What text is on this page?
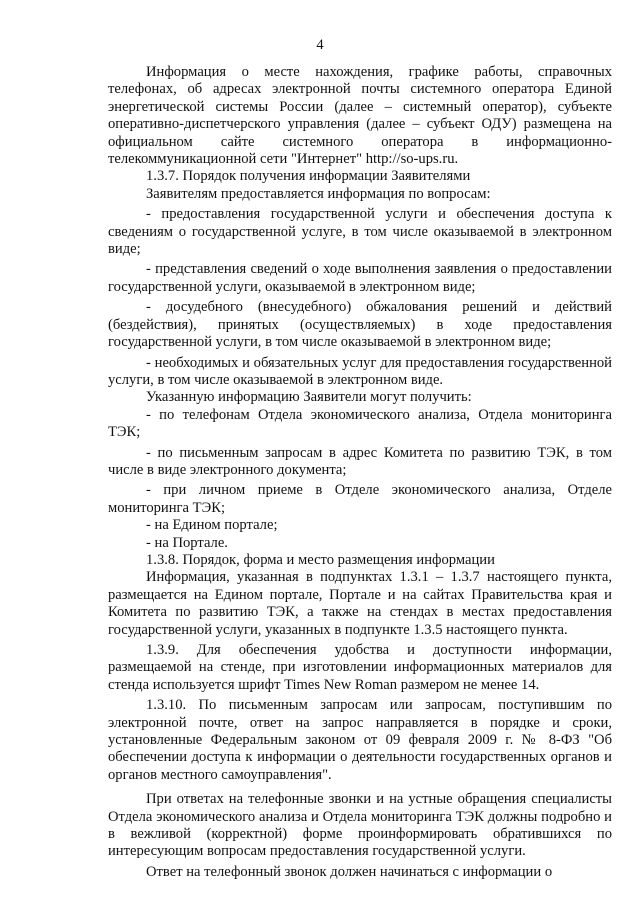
4

Информация о месте нахождения, графике работы, справочных телефонах, об адресах электронной почты системного оператора Единой энергетической системы России (далее – системный оператор), субъекте оперативно-диспетчерского управления (далее – субъект ОДУ) размещена на официальном сайте системного оператора в информационно-телекоммуникационной сети "Интернет" http://so-ups.ru.

1.3.7. Порядок получения информации Заявителями

Заявителям предоставляется информация по вопросам:

- предоставления государственной услуги и обеспечения доступа к сведениям о государственной услуге, в том числе оказываемой в электронном виде;

- представления сведений о ходе выполнения заявления о предоставлении государственной услуги, оказываемой в электронном виде;

- досудебного (внесудебного) обжалования решений и действий (бездействия), принятых (осуществляемых) в ходе предоставления государственной услуги, в том числе оказываемой в электронном виде;

- необходимых и обязательных услуг для предоставления государственной услуги, в том числе оказываемой в электронном виде.

Указанную информацию Заявители могут получить:

- по телефонам Отдела экономического анализа, Отдела мониторинга ТЭК;

- по письменным запросам в адрес Комитета по развитию ТЭК, в том числе в виде электронного документа;

- при личном приеме в Отделе экономического анализа, Отделе мониторинга ТЭК;

- на Едином портале;

- на Портале.

1.3.8. Порядок, форма и место размещения информации

Информация, указанная в подпунктах 1.3.1 – 1.3.7 настоящего пункта, размещается на Едином портале, Портале и на сайтах Правительства края и Комитета по развитию ТЭК, а также на стендах в местах предоставления государственной услуги, указанных в подпункте 1.3.5 настоящего пункта.

1.3.9. Для обеспечения удобства и доступности информации, размещаемой на стенде, при изготовлении информационных материалов для стенда используется шрифт Times New Roman размером не менее 14.

1.3.10. По письменным запросам или запросам, поступившим по электронной почте, ответ на запрос направляется в порядке и сроки, установленные Федеральным законом от 09 февраля 2009 г. № 8-ФЗ "Об обеспечении доступа к информации о деятельности государственных органов и органов местного самоуправления".

При ответах на телефонные звонки и на устные обращения специалисты Отдела экономического анализа и Отдела мониторинга ТЭК должны подробно и в вежливой (корректной) форме проинформировать обратившихся по интересующим вопросам предоставления государственной услуги.

Ответ на телефонный звонок должен начинаться с информации о
